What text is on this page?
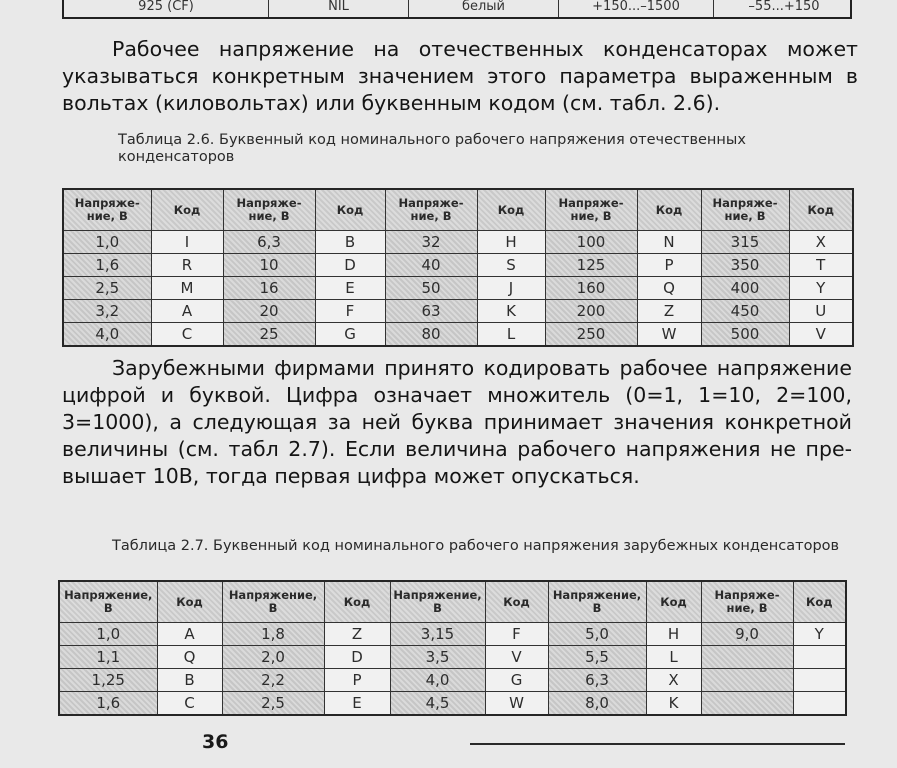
925 (CF)	NIL	белый	+150...–1500	–55...+150

Рабочее напряжение на отечественных конденсаторах может указываться конкретным значением этого параметра выраженным в вольтах (киловольтах) или буквенным кодом (см. табл. 2.6).

Таблица 2.6. Буквенный код номинального рабочего напряжения отечественных конденсаторов
Напряжение, В	Код	Напряжение, В	Код	Напряжение, В	Код	Напряжение, В	Код	Напряжение, В	Код
1,0	I	6,3	B	32	H	100	N	315	X
1,6	R	10	D	40	S	125	P	350	T
2,5	M	16	E	50	J	160	Q	400	Y
3,2	A	20	F	63	K	200	Z	450	U
4,0	C	25	G	80	L	250	W	500	V

Зарубежными фирмами принято кодировать рабочее напряжение цифрой и буквой. Цифра означает множитель (0=1, 1=10, 2=100, 3=1000), а следующая за ней буква принимает значения конкретной величины (см. табл 2.7). Если величина рабочего напряжения не превышает 10В, тогда первая цифра может опускаться.

Таблица 2.7. Буквенный код номинального рабочего напряжения зарубежных конденсаторов
Напряжение, В	Код	Напряжение, В	Код	Напряжение, В	Код	Напряжение, В	Код	Напряжение, В	Код
1,0	A	1,8	Z	3,15	F	5,0	H	9,0	Y
1,1	Q	2,0	D	3,5	V	5,5	L		
1,25	B	2,2	P	4,0	G	6,3	X		
1,6	C	2,5	E	4,5	W	8,0	K		
36
